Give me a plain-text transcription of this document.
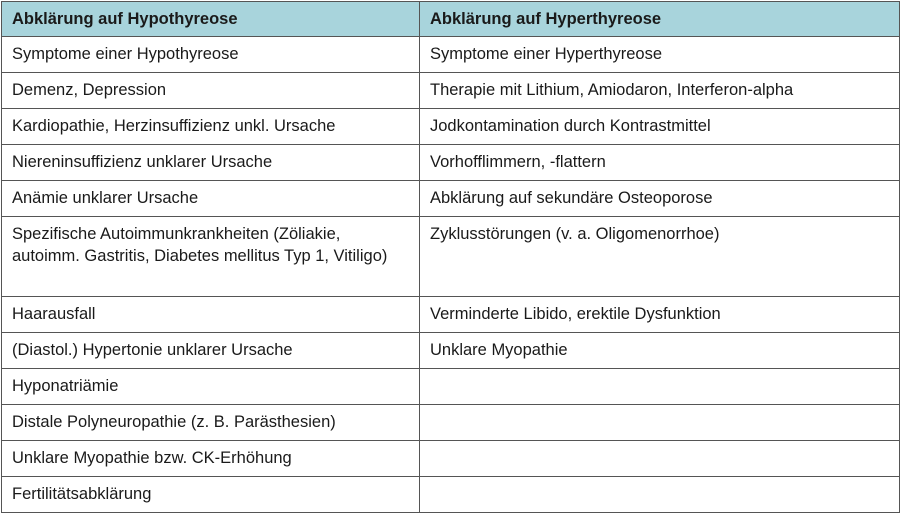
Abklärung auf Hypothyreose	Abklärung auf Hyperthyreose
Symptome einer Hypothyreose	Symptome einer Hyperthyreose
Demenz, Depression	Therapie mit Lithium, Amiodaron, Interferon-alpha
Kardiopathie, Herzinsuffizienz unkl. Ursache	Jodkontamination durch Kontrastmittel
Niereninsuffizienz unklarer Ursache	Vorhofflimmern, -flattern
Anämie unklarer Ursache	Abklärung auf sekundäre Osteoporose
Spezifische Autoimmunkrankheiten (Zöliakie, autoimm. Gastritis, Diabetes mellitus Typ 1, Vitiligo)	Zyklusstörungen (v. a. Oligomenorrhoe)
Haarausfall	Verminderte Libido, erektile Dysfunktion
(Diastol.) Hypertonie unklarer Ursache	Unklare Myopathie
Hyponatriämie	
Distale Polyneuropathie (z. B. Parästhesien)	
Unklare Myopathie bzw. CK-Erhöhung	
Fertilitätsabklärung	
